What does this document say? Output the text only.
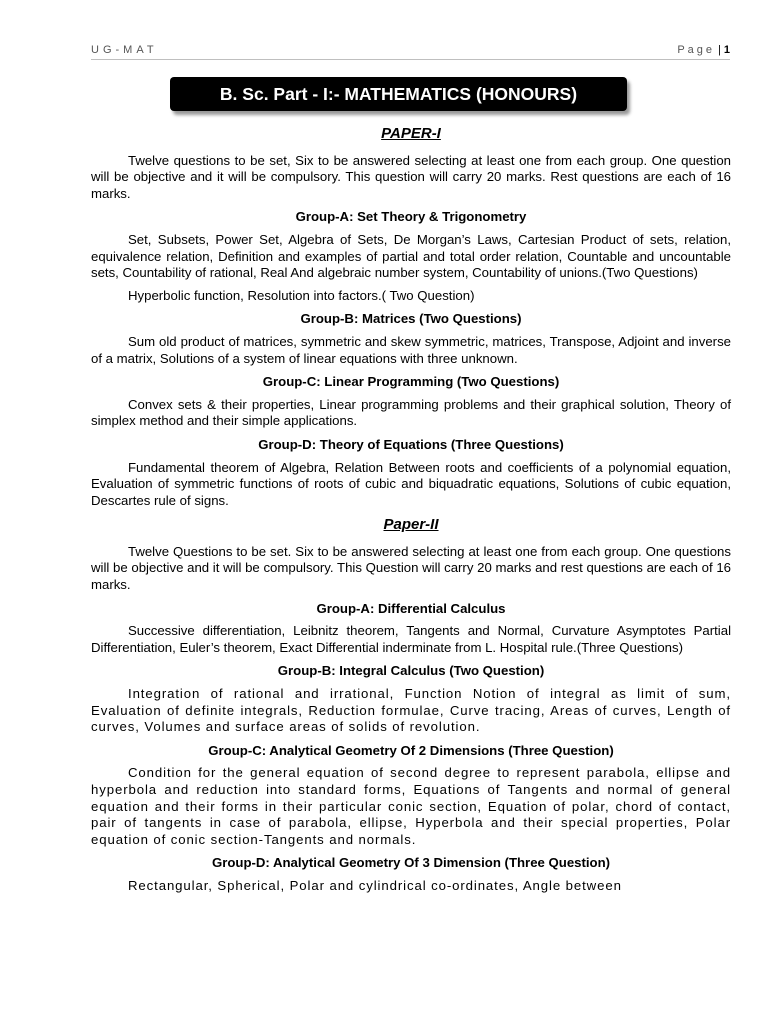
UG-MAT	Page | 1
B. Sc. Part - I:- MATHEMATICS (HONOURS)
PAPER-I

Twelve questions to be set, Six to be answered selecting at least one from each group. One question will be objective and it will be compulsory. This question will carry 20 marks. Rest questions are each of 16 marks.

Group-A: Set Theory & Trigonometry

Set, Subsets, Power Set, Algebra of Sets, De Morgan’s Laws, Cartesian Product of sets, relation, equivalence relation, Definition and examples of partial and total order relation, Countable and uncountable sets, Countability of rational, Real And algebraic number system, Countability of unions.(Two Questions)

Hyperbolic function, Resolution into factors.( Two Question)

Group-B: Matrices (Two Questions)

Sum old product of matrices, symmetric and skew symmetric, matrices, Transpose, Adjoint and inverse of a matrix, Solutions of a system of linear equations with three unknown.

Group-C: Linear Programming (Two Questions)

Convex sets & their properties, Linear programming problems and their graphical solution, Theory of simplex method and their simple applications.

Group-D: Theory of Equations (Three Questions)

Fundamental theorem of Algebra, Relation Between roots and coefficients of a polynomial equation, Evaluation of symmetric functions of roots of cubic and biquadratic equations, Solutions of cubic equation, Descartes rule of signs.

Paper-II

Twelve Questions to be set. Six to be answered selecting at least one from each group. One questions will be objective and it will be compulsory. This Question will carry 20 marks and rest questions are each of 16 marks.

Group-A: Differential Calculus

Successive differentiation, Leibnitz theorem, Tangents and Normal, Curvature Asymptotes Partial Differentiation, Euler’s theorem, Exact Differential inderminate from L. Hospital rule.(Three Questions)

Group-B: Integral Calculus (Two Question)

Integration of rational and irrational, Function Notion of integral as limit of sum, Evaluation of definite integrals, Reduction formulae, Curve tracing, Areas of curves, Length of curves, Volumes and surface areas of solids of revolution.

Group-C: Analytical Geometry Of 2 Dimensions (Three Question)

Condition for the general equation of second degree to represent parabola, ellipse and hyperbola and reduction into standard forms, Equations of Tangents and normal of general equation and their forms in their particular conic section, Equation of polar, chord of contact, pair of tangents in case of parabola, ellipse, Hyperbola and their special properties, Polar equation of conic section-Tangents and normals.

Group-D: Analytical Geometry Of 3 Dimension (Three Question)

Rectangular, Spherical, Polar and cylindrical co-ordinates, Angle between
